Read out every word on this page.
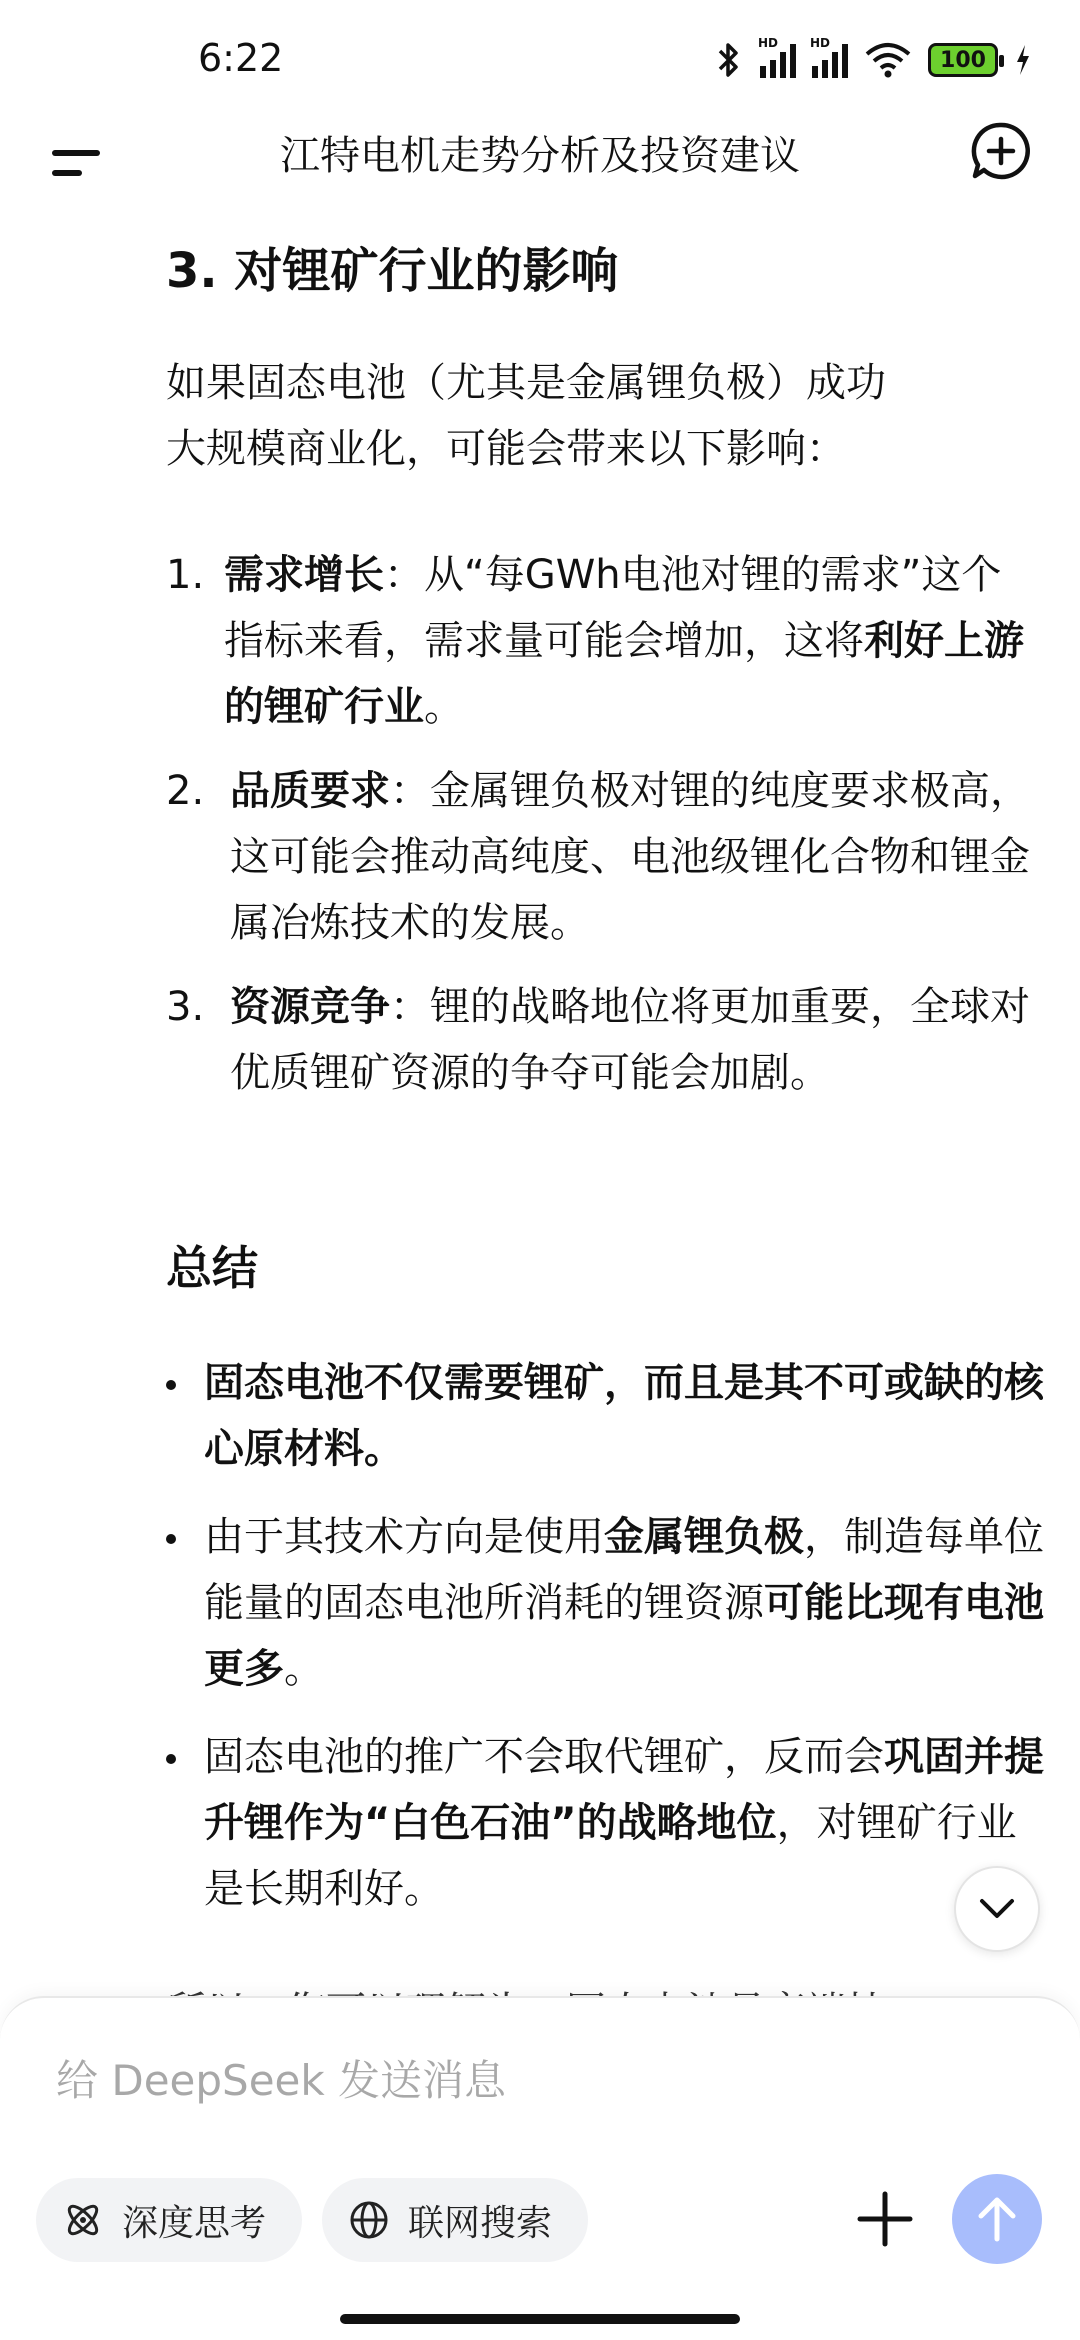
6:22	HD	HD
100
江特电机走势分析及投资建议
3. 对锂矿行业的影响
如果固态电池（尤其是金属锂负极）成功
大规模商业化，可能会带来以下影响：
1. 需求增长：从“每GWh电池对锂的需求”这个指标来看，需求量可能会增加，这将利好上游的锂矿行业。
2. 品质要求：金属锂负极对锂的纯度要求极高，这可能会推动高纯度、电池级锂化合物和锂金属冶炼技术的发展。
3. 资源竞争：锂的战略地位将更加重要，全球对优质锂矿资源的争夺可能会加剧。
总结
固态电池不仅需要锂矿，而且是其不可或缺的核心原材料。
由于其技术方向是使用金属锂负极，制造每单位能量的固态电池所消耗的锂资源可能比现有电池更多。
固态电池的推广不会取代锂矿，反而会巩固并提升锂作为“白色石油”的战略地位，对锂矿行业是长期利好。
给 DeepSeek 发送消息
深度思考	联网搜索
